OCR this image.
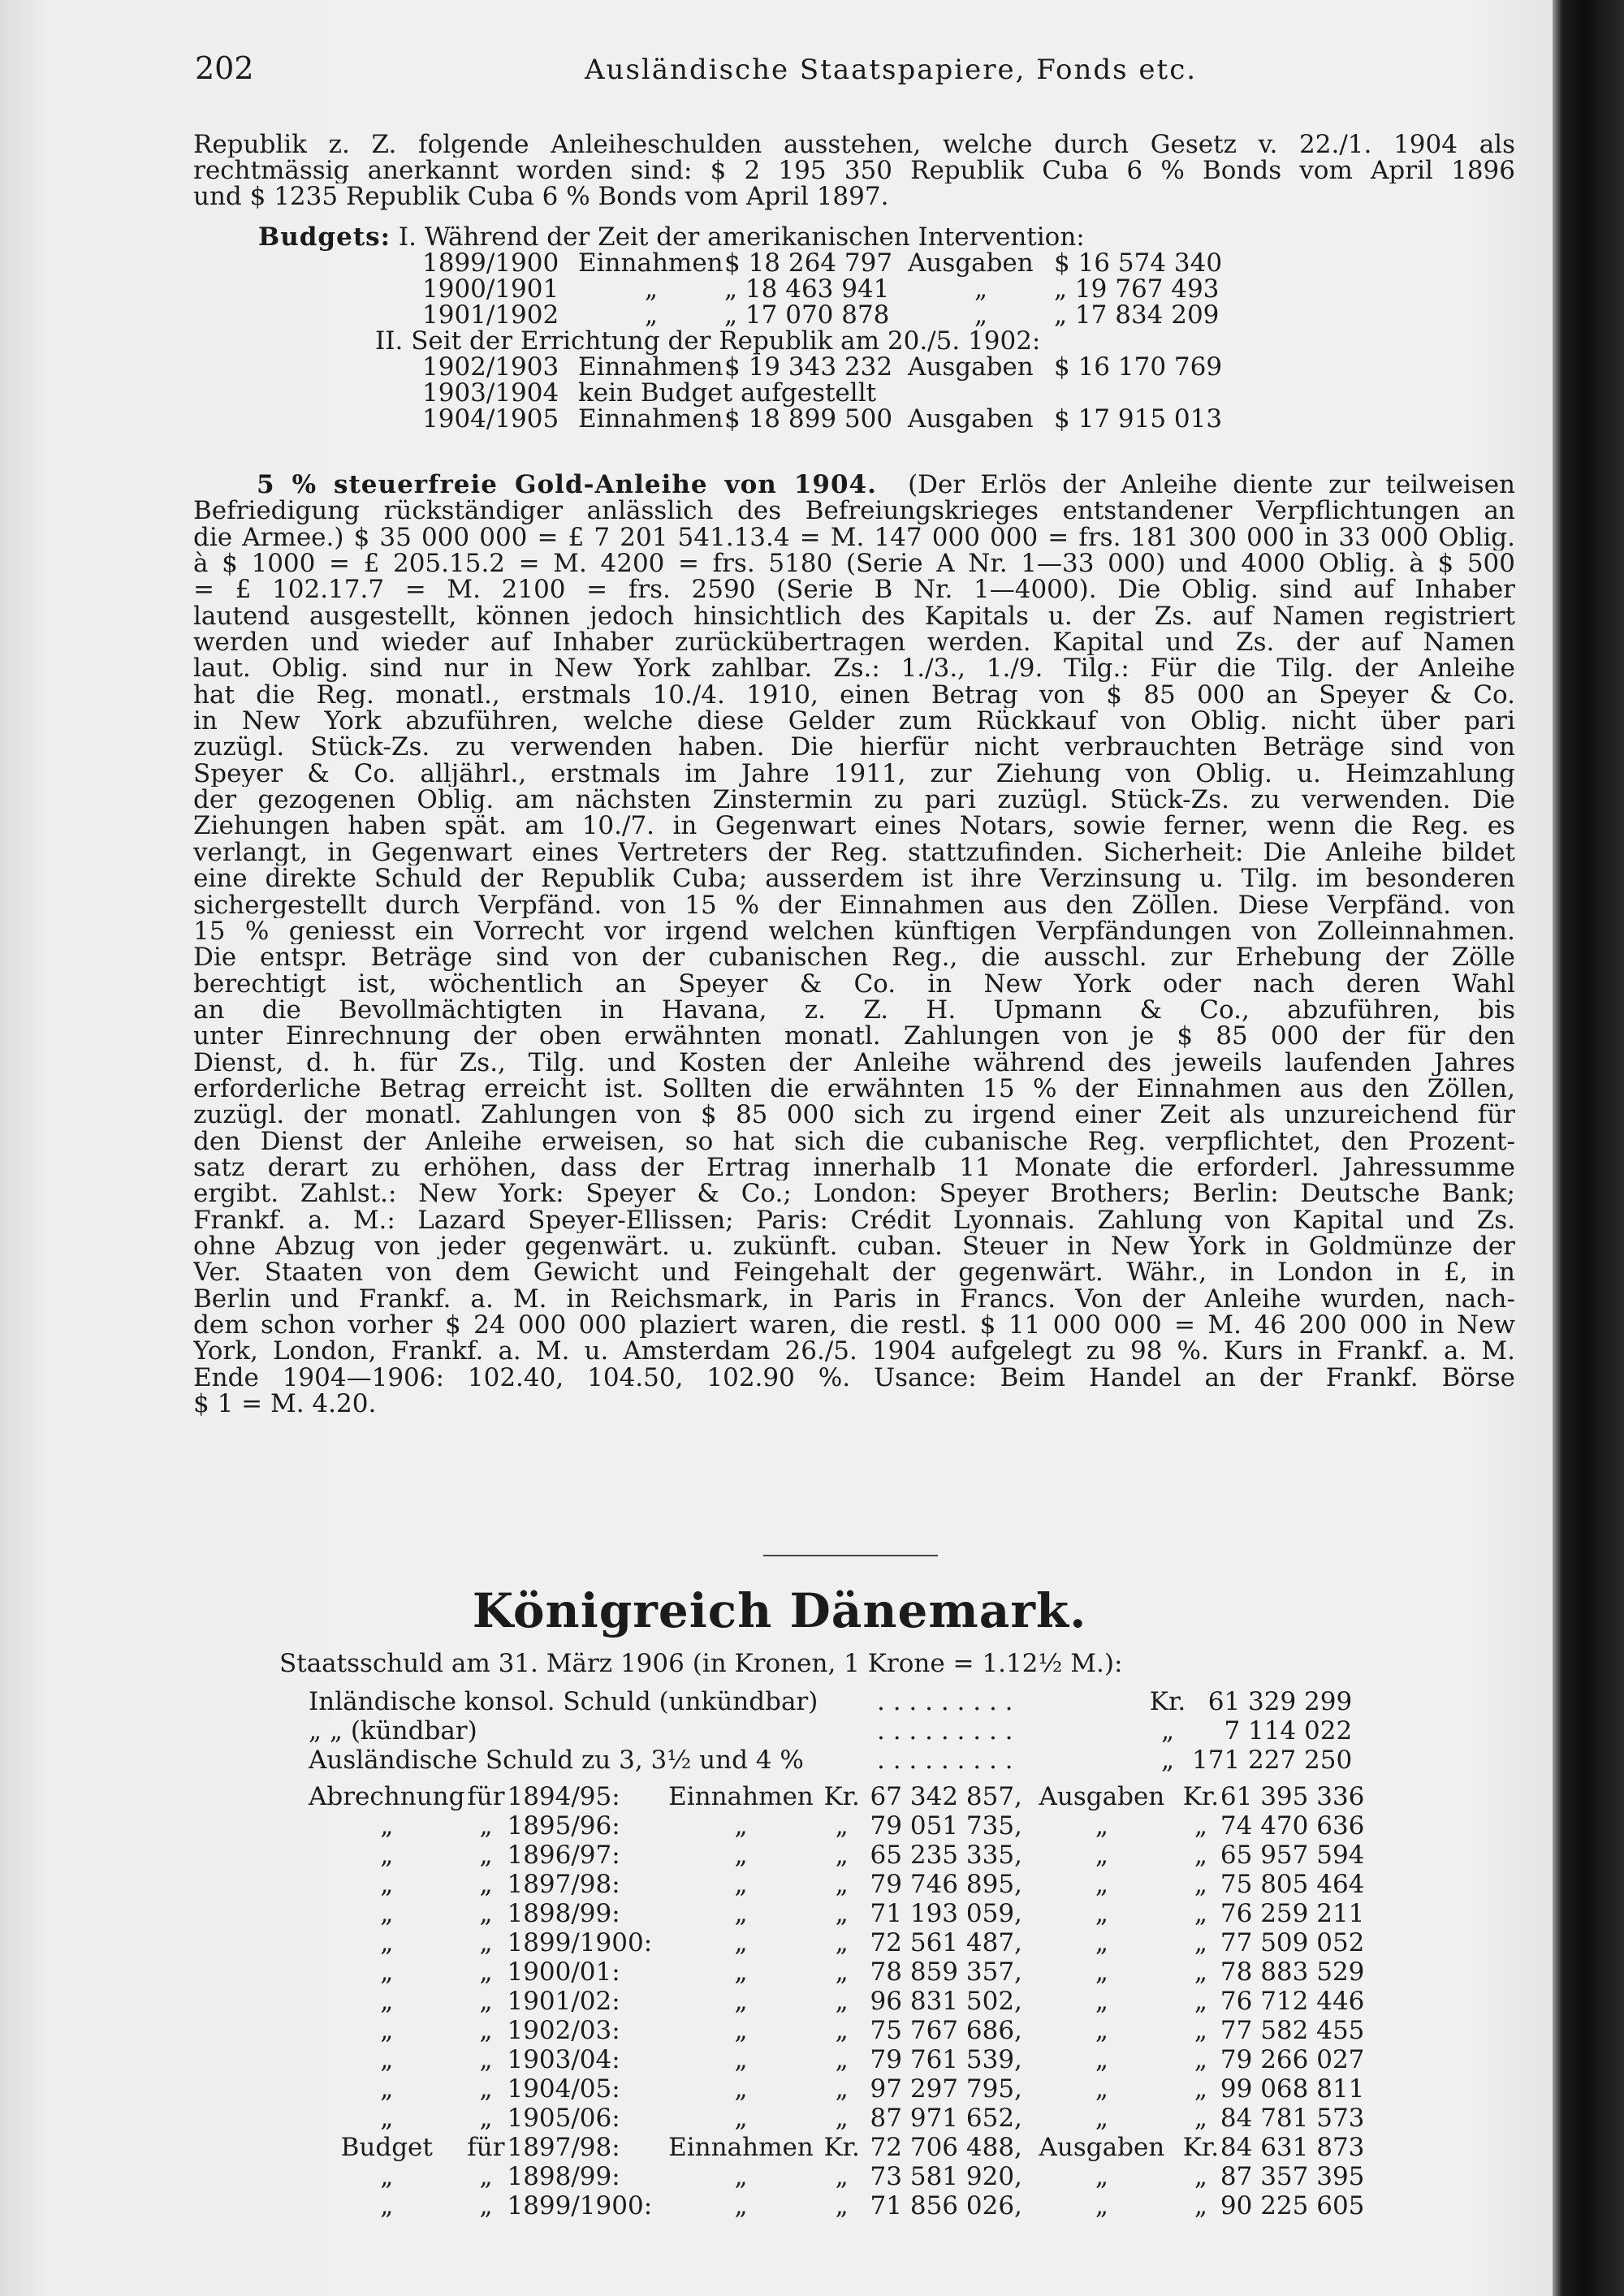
202	Ausländische Staatspapiere, Fonds etc.
Republik z. Z. folgende Anleiheschulden ausstehen, welche durch Gesetz v. 22./1. 1904 als
rechtmässig anerkannt worden sind: $ 2 195 350 Republik Cuba 6 % Bonds vom April 1896
und $ 1235 Republik Cuba 6 % Bonds vom April 1897.
Budgets: I. Während der Zeit der amerikanischen Intervention:
1899/1900 Einnahmen$ 18 264 797 Ausgaben $ 16 574 340
1900/1901	„	„ 18 463 941	„	„ 19 767 493
1901/1902	„	„ 17 070 878	„	„ 17 834 209
II. Seit der Errichtung der Republik am 20./5. 1902:
1902/1903 Einnahmen$ 19 343 232 Ausgaben $ 16 170 769
1903/1904 kein Budget aufgestellt
1904/1905 Einnahmen$ 18 899 500 Ausgaben $ 17 915 013
5 % steuerfreie Gold-Anleihe von 1904. (Der Erlös der Anleihe diente zur teilweisen
Befriedigung rückständiger anlässlich des Befreiungskrieges entstandener Verpflichtungen an
die Armee.) $ 35 000 000 = £ 7 201 541.13.4 = M. 147 000 000 = frs. 181 300 000 in 33 000 Oblig.
à $ 1000 = £ 205.15.2 = M. 4200 = frs. 5180 (Serie A Nr. 1—33 000) und 4000 Oblig. à $ 500
= £ 102.17.7 = M. 2100 = frs. 2590 (Serie B Nr. 1—4000). Die Oblig. sind auf Inhaber
lautend ausgestellt, können jedoch hinsichtlich des Kapitals u. der Zs. auf Namen registriert
werden und wieder auf Inhaber zurückübertragen werden. Kapital und Zs. der auf Namen
laut. Oblig. sind nur in New York zahlbar. Zs.: 1./3., 1./9. Tilg.: Für die Tilg. der Anleihe
hat die Reg. monatl., erstmals 10./4. 1910, einen Betrag von $ 85 000 an Speyer & Co.
in New York abzuführen, welche diese Gelder zum Rückkauf von Oblig. nicht über pari
zuzügl. Stück-Zs. zu verwenden haben. Die hierfür nicht verbrauchten Beträge sind von
Speyer & Co. alljährl., erstmals im Jahre 1911, zur Ziehung von Oblig. u. Heimzahlung
der gezogenen Oblig. am nächsten Zinstermin zu pari zuzügl. Stück-Zs. zu verwenden. Die
Ziehungen haben spät. am 10./7. in Gegenwart eines Notars, sowie ferner, wenn die Reg. es
verlangt, in Gegenwart eines Vertreters der Reg. stattzufinden. Sicherheit: Die Anleihe bildet
eine direkte Schuld der Republik Cuba; ausserdem ist ihre Verzinsung u. Tilg. im besonderen
sichergestellt durch Verpfänd. von 15 % der Einnahmen aus den Zöllen. Diese Verpfänd. von
15 % geniesst ein Vorrecht vor irgend welchen künftigen Verpfändungen von Zolleinnahmen.
Die entspr. Beträge sind von der cubanischen Reg., die ausschl. zur Erhebung der Zölle
berechtigt ist, wöchentlich an Speyer & Co. in New York oder nach deren Wahl
an die Bevollmächtigten in Havana, z. Z. H. Upmann & Co., abzuführen, bis
unter Einrechnung der oben erwähnten monatl. Zahlungen von je $ 85 000 der für den
Dienst, d. h. für Zs., Tilg. und Kosten der Anleihe während des jeweils laufenden Jahres
erforderliche Betrag erreicht ist. Sollten die erwähnten 15 % der Einnahmen aus den Zöllen,
zuzügl. der monatl. Zahlungen von $ 85 000 sich zu irgend einer Zeit als unzureichend für
den Dienst der Anleihe erweisen, so hat sich die cubanische Reg. verpflichtet, den Prozent-
satz derart zu erhöhen, dass der Ertrag innerhalb 11 Monate die erforderl. Jahressumme
ergibt. Zahlst.: New York: Speyer & Co.; London: Speyer Brothers; Berlin: Deutsche Bank;
Frankf. a. M.: Lazard Speyer-Ellissen; Paris: Crédit Lyonnais. Zahlung von Kapital und Zs.
ohne Abzug von jeder gegenwärt. u. zukünft. cuban. Steuer in New York in Goldmünze der
Ver. Staaten von dem Gewicht und Feingehalt der gegenwärt. Währ., in London in £, in
Berlin und Frankf. a. M. in Reichsmark, in Paris in Francs. Von der Anleihe wurden, nach-
dem schon vorher $ 24 000 000 plaziert waren, die restl. $ 11 000 000 = M. 46 200 000 in New
York, London, Frankf. a. M. u. Amsterdam 26./5. 1904 aufgelegt zu 98 %. Kurs in Frankf. a. M.
Ende 1904—1906: 102.40, 104.50, 102.90 %. Usance: Beim Handel an der Frankf. Börse
$ 1 = M. 4.20.
Königreich Dänemark.
Staatsschuld am 31. März 1906 (in Kronen, 1 Krone = 1.12½ M.):
Inländische konsol. Schuld (unkündbar)	. . . . . . . . .	Kr.	61 329 299
„ „ (kündbar)	. . . . . . . . .	„	7 114 022
Ausländische Schuld zu 3, 3½ und 4 %	. . . . . . . . .	„	171 227 250
Abrechnung	für	1894/95:	Einnahmen	Kr.	67 342 857,	Ausgaben	Kr.	61 395 336
„	„	1895/96:	„	„	79 051 735,	„	„	74 470 636
„	„	1896/97:	„	„	65 235 335,	„	„	65 957 594
„	„	1897/98:	„	„	79 746 895,	„	„	75 805 464
„	„	1898/99:	„	„	71 193 059,	„	„	76 259 211
„	„	1899/1900:	„	„	72 561 487,	„	„	77 509 052
„	„	1900/01:	„	„	78 859 357,	„	„	78 883 529
„	„	1901/02:	„	„	96 831 502,	„	„	76 712 446
„	„	1902/03:	„	„	75 767 686,	„	„	77 582 455
„	„	1903/04:	„	„	79 761 539,	„	„	79 266 027
„	„	1904/05:	„	„	97 297 795,	„	„	99 068 811
„	„	1905/06:	„	„	87 971 652,	„	„	84 781 573
Budget	für	1897/98:	Einnahmen	Kr.	72 706 488,	Ausgaben	Kr.	84 631 873
„	„	1898/99:	„	„	73 581 920,	„	„	87 357 395
„	„	1899/1900:	„	„	71 856 026,	„	„	90 225 605
